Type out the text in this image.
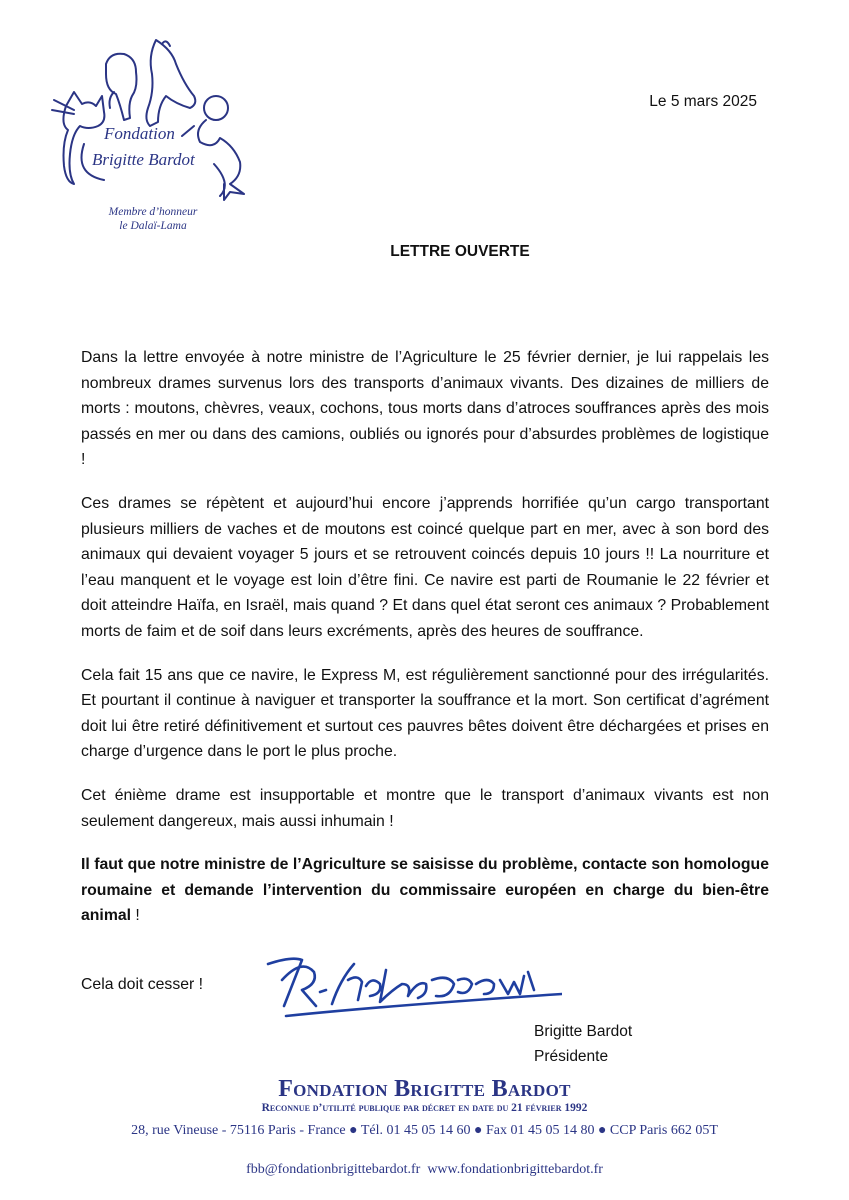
Fondation
Brigitte Bardot
Membre d’honneur
le Dalaï-Lama
Le 5 mars 2025
LETTRE OUVERTE

Dans la lettre envoyée à notre ministre de l’Agriculture le 25 février dernier, je lui rappelais les nombreux drames survenus lors des transports d’animaux vivants. Des dizaines de milliers de morts : moutons, chèvres, veaux, cochons, tous morts dans d’atroces souffrances après des mois passés en mer ou dans des camions, oubliés ou ignorés pour d’absurdes problèmes de logistique !

Ces drames se répètent et aujourd’hui encore j’apprends horrifiée qu’un cargo transportant plusieurs milliers de vaches et de moutons est coincé quelque part en mer, avec à son bord des animaux qui devaient voyager 5 jours et se retrouvent coincés depuis 10 jours !! La nourriture et l’eau manquent et le voyage est loin d’être fini. Ce navire est parti de Roumanie le 22 février et doit atteindre Haïfa, en Israël, mais quand ? Et dans quel état seront ces animaux ? Probablement morts de faim et de soif dans leurs excréments, après des heures de souffrance.

Cela fait 15 ans que ce navire, le Express M, est régulièrement sanctionné pour des irrégularités. Et pourtant il continue à naviguer et transporter la souffrance et la mort. Son certificat d’agrément doit lui être retiré définitivement et surtout ces pauvres bêtes doivent être déchargées et prises en charge d’urgence dans le port le plus proche.

Cet énième drame est insupportable et montre que le transport d’animaux vivants est non seulement dangereux, mais aussi inhumain !

Il faut que notre ministre de l’Agriculture se saisisse du problème, contacte son homologue roumaine et demande l’intervention du commissaire européen en charge du bien-être animal !

Cela doit cesser !
Brigitte Bardot
Présidente
Fondation Brigitte Bardot
Reconnue d’utilité publique par décret en date du 21 février 1992
28, rue Vineuse - 75116 Paris - France ● Tél. 01 45 05 14 60 ● Fax 01 45 05 14 80 ● CCP Paris 662 05T
fbb@fondationbrigittebardot.fr  www.fondationbrigittebardot.fr
